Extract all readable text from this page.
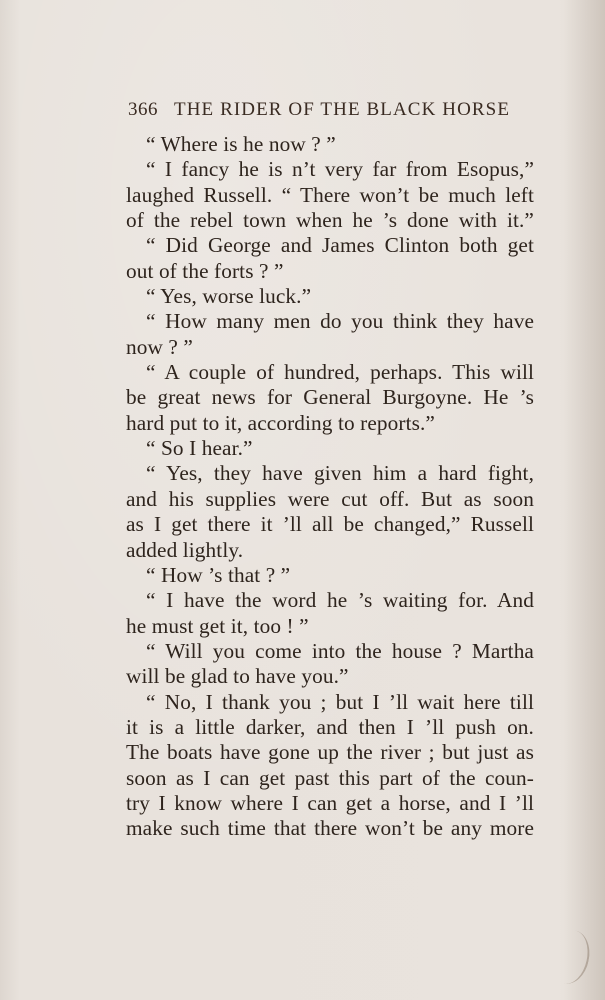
366 THE RIDER OF THE BLACK HORSE
“ Where is he now ? ”
“ I fancy he is n’t very far from Esopus,”
laughed Russell. “ There won’t be much left
of the rebel town when he ’s done with it.”
“ Did George and James Clinton both get
out of the forts ? ”
“ Yes, worse luck.”
“ How many men do you think they have
now ? ”
“ A couple of hundred, perhaps. This will
be great news for General Burgoyne. He ’s
hard put to it, according to reports.”
“ So I hear.”
“ Yes, they have given him a hard fight,
and his supplies were cut off. But as soon
as I get there it ’ll all be changed,” Russell
added lightly.
“ How ’s that ? ”
“ I have the word he ’s waiting for. And
he must get it, too ! ”
“ Will you come into the house ? Martha
will be glad to have you.”
“ No, I thank you ; but I ’ll wait here till
it is a little darker, and then I ’ll push on.
The boats have gone up the river ; but just as
soon as I can get past this part of the coun-
try I know where I can get a horse, and I ’ll
make such time that there won’t be any more
